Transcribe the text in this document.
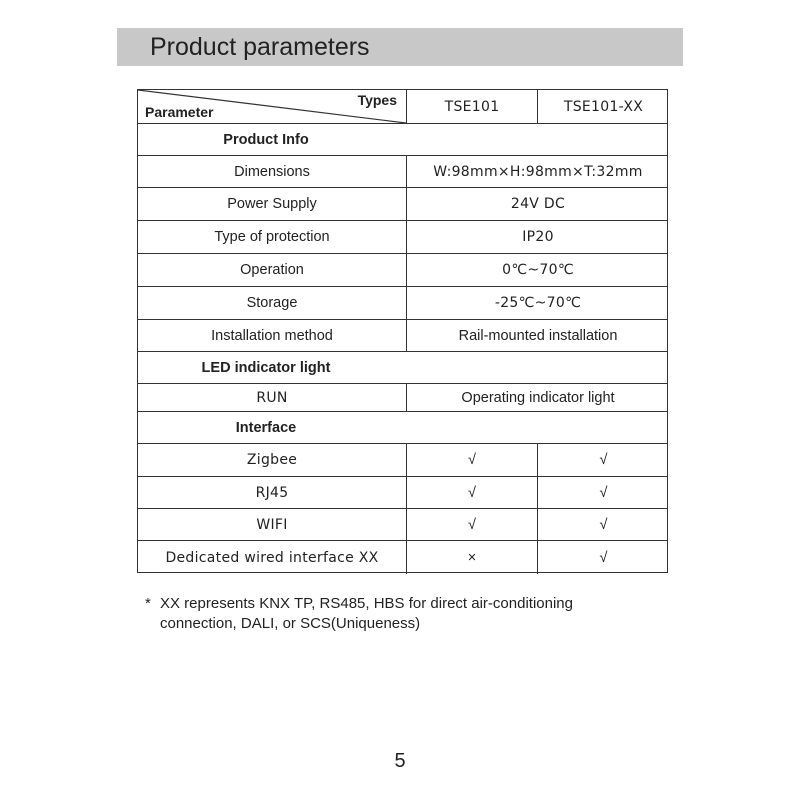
Product parameters
Parameter
Types	TSE101	TSE101-XX
Product Info
Dimensions	W:98mm×H:98mm×T:32mm
Power Supply	24V DC
Type of protection	IP20
Operation	0℃~70℃
Storage	-25℃~70℃
Installation method	Rail-mounted installation
LED indicator light
RUN	Operating indicator light
Interface
Zigbee	√	√
RJ45	√	√
WIFI	√	√
Dedicated wired interface XX	×	√
* XX represents KNX TP, RS485, HBS for direct air-conditioning connection, DALI, or SCS(Uniqueness)
5
